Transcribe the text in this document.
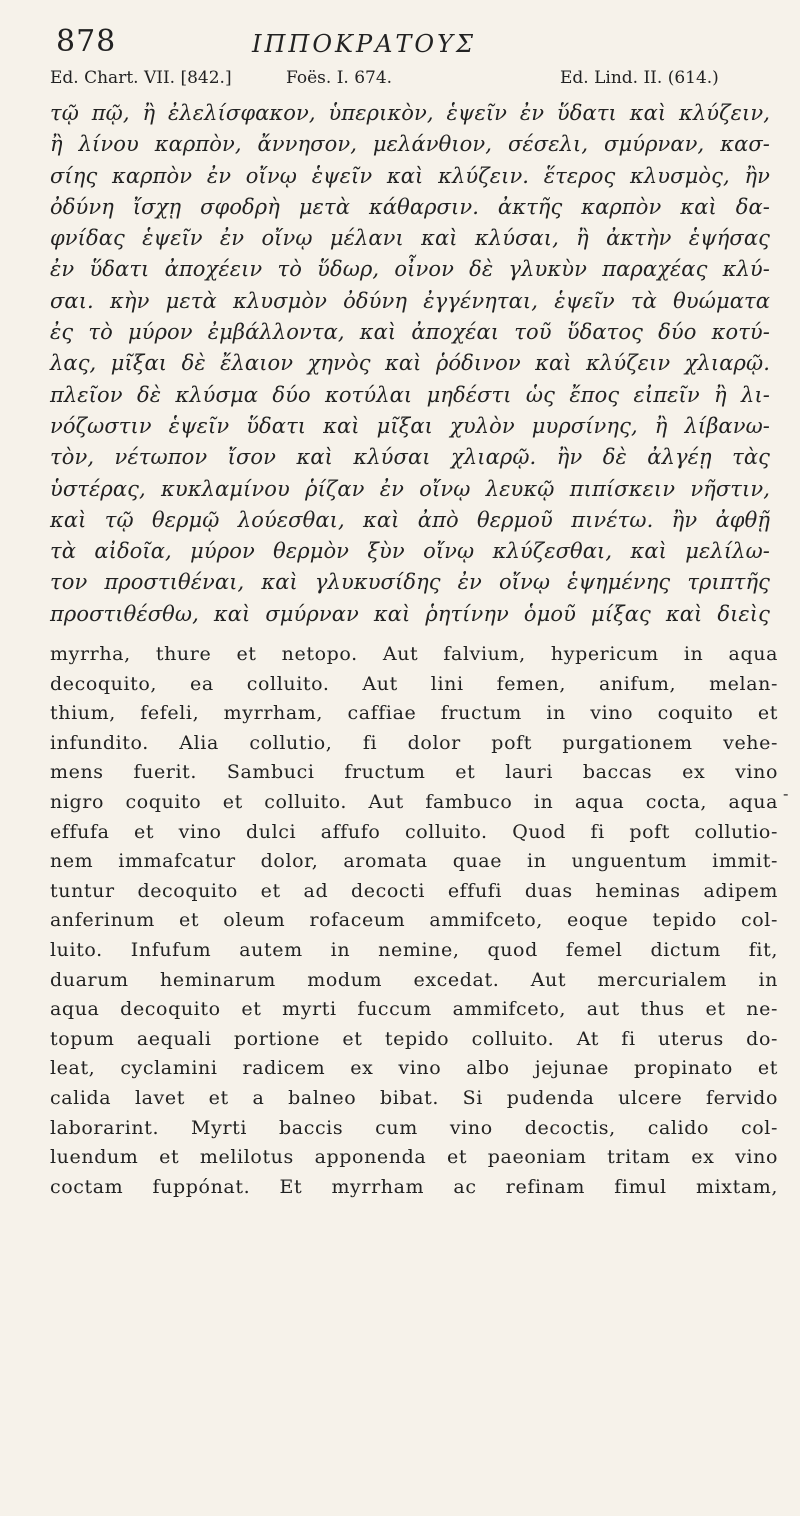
878	ΙΠΠΟΚΡΑΤΟΥΣ
Ed. Chart. VII. [842.]	Foës. I. 674.	Ed. Lind. II. (614.)
τῷ πῷ, ἢ ἐλελίσφακον, ὑπερικὸν, ἑψεῖν ἐν ὕδατι καὶ κλύζειν,
ἢ λίνου καρπὸν, ἄννησον, μελάνθιον, σέσελι, σμύρναν, κασ-
σίης καρπὸν ἐν οἴνῳ ἑψεῖν καὶ κλύζειν. ἕτερος κλυσμὸς, ἢν
ὀδύνη ἴσχῃ σφοδρὴ μετὰ κάθαρσιν. ἀκτῆς καρπὸν καὶ δα-
φνίδας ἑψεῖν ἐν οἴνῳ μέλανι καὶ κλύσαι, ἢ ἀκτὴν ἑψήσας
ἐν ὕδατι ἀποχέειν τὸ ὕδωρ, οἶνον δὲ γλυκὺν παραχέας κλύ-
σαι. κὴν μετὰ κλυσμὸν ὀδύνη ἐγγένηται, ἑψεῖν τὰ θυώματα
ἐς τὸ μύρον ἐμβάλλοντα, καὶ ἀποχέαι τοῦ ὕδατος δύο κοτύ-
λας, μῖξαι δὲ ἔλαιον χηνὸς καὶ ῥόδινον καὶ κλύζειν χλιαρῷ.
πλεῖον δὲ κλύσμα δύο κοτύλαι μηδέστι ὡς ἔπος εἰπεῖν ἢ λι-
νόζωστιν ἑψεῖν ὕδατι καὶ μῖξαι χυλὸν μυρσίνης, ἢ λίβανω-
τὸν, νέτωπον ἴσον καὶ κλύσαι χλιαρῷ. ἢν δὲ ἀλγέῃ τὰς
ὑστέρας, κυκλαμίνου ῥίζαν ἐν οἴνῳ λευκῷ πιπίσκειν νῆστιν,
καὶ τῷ θερμῷ λούεσθαι, καὶ ἀπὸ θερμοῦ πινέτω. ἢν ἀφθῇ
τὰ αἰδοῖα, μύρον θερμὸν ξὺν οἴνῳ κλύζεσθαι, καὶ μελίλω-
τον προστιθέναι, καὶ γλυκυσίδης ἐν οἴνῳ ἑψημένης τριπτῆς
προστιθέσθω, καὶ σμύρναν καὶ ῥητίνην ὁμοῦ μίξας καὶ διεὶς
myrrha, thure et netopo. Aut falvium, hypericum in aqua
decoquito, ea colluito. Aut lini femen, anifum, melan-
thium, fefeli, myrrham, caffiae fructum in vino coquito et
infundito. Alia collutio, fi dolor poft purgationem vehe-
mens fuerit. Sambuci fructum et lauri baccas ex vino
nigro coquito et colluito. Aut fambuco in aqua cocta, aqua
effufa et vino dulci affufo colluito. Quod fi poft collutio-
nem immafcatur dolor, aromata quae in unguentum immit-
tuntur decoquito et ad decocti effufi duas heminas adipem
anferinum et oleum rofaceum ammifceto, eoque tepido col-
luito. Infufum autem in nemine, quod femel dictum fit,
duarum heminarum modum excedat. Aut mercurialem in
aqua decoquito et myrti fuccum ammifceto, aut thus et ne-
topum aequali portione et tepido colluito. At fi uterus do-
leat, cyclamini radicem ex vino albo jejunae propinato et
calida lavet et a balneo bibat. Si pudenda ulcere fervido
laborarint. Myrti baccis cum vino decoctis, calido col-
luendum et melilotus apponenda et paeoniam tritam ex vino
coctam fuppónat. Et myrrham ac refinam fimul mixtam,
-
